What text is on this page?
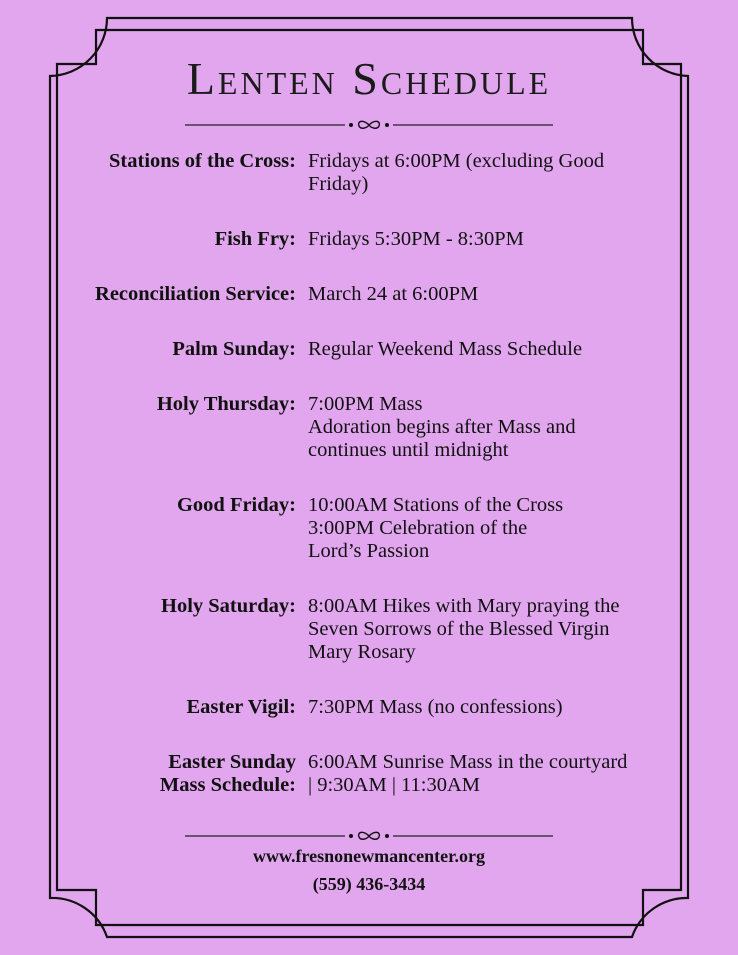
Lenten Schedule
Stations of the Cross: Fridays at 6:00PM (excluding Good
Friday)
Fish Fry: Fridays 5:30PM - 8:30PM
Reconciliation Service: March 24 at 6:00PM
Palm Sunday: Regular Weekend Mass Schedule
Holy Thursday: 7:00PM Mass
Adoration begins after Mass and
continues until midnight
Good Friday: 10:00AM Stations of the Cross
3:00PM Celebration of the
Lord’s Passion
Holy Saturday: 8:00AM Hikes with Mary praying the
Seven Sorrows of the Blessed Virgin
Mary Rosary
Easter Vigil: 7:30PM Mass (no confessions)
Easter Sunday
Mass Schedule:
6:00AM Sunrise Mass in the courtyard
| 9:30AM | 11:30AM
www.fresnonewmancenter.org
(559) 436-3434
